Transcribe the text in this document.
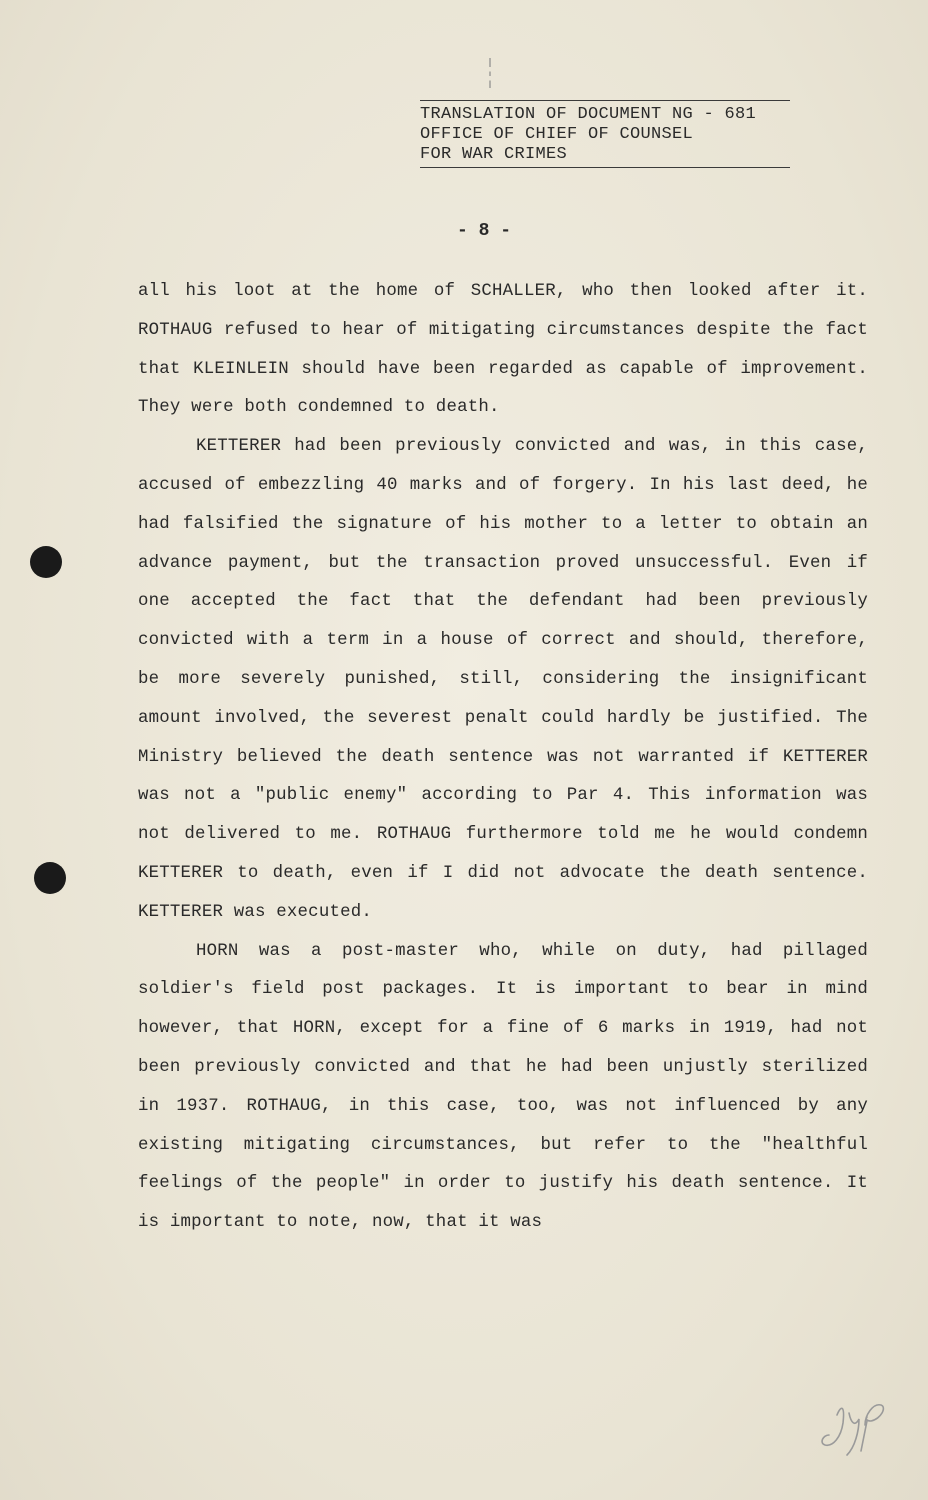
TRANSLATION OF DOCUMENT NG - 681
OFFICE OF CHIEF OF COUNSEL
FOR WAR CRIMES
- 8 -

all his loot at the home of SCHALLER, who then looked after it. ROTHAUG refused to hear of mitigating circumstances despite the fact that KLEINLEIN should have been regarded as capable of improvement. They were both condemned to death.

KETTERER had been previously convicted and was, in this case, accused of embezzling 40 marks and of forgery. In his last deed, he had falsified the signature of his mother to a letter to obtain an advance payment, but the transaction proved unsuccessful. Even if one accepted the fact that the defendant had been previously convicted with a term in a house of correct and should, therefore, be more severely punished, still, considering the insignificant amount involved, the severest penalt could hardly be justified. The Ministry believed the death sentence was not warranted if KETTERER was not a "public enemy" according to Par 4. This information was not delivered to me. ROTHAUG furthermore told me he would condemn KETTERER to death, even if I did not advocate the death sentence. KETTERER was executed.

HORN was a post-master who, while on duty, had pillaged soldier's field post packages. It is important to bear in mind however, that HORN, except for a fine of 6 marks in 1919, had not been previously convicted and that he had been unjustly sterilized in 1937. ROTHAUG, in this case, too, was not influenced by any existing mitigating circumstances, but refer to the "healthful feelings of the people" in order to justify his death sentence. It is important to note, now, that it was
